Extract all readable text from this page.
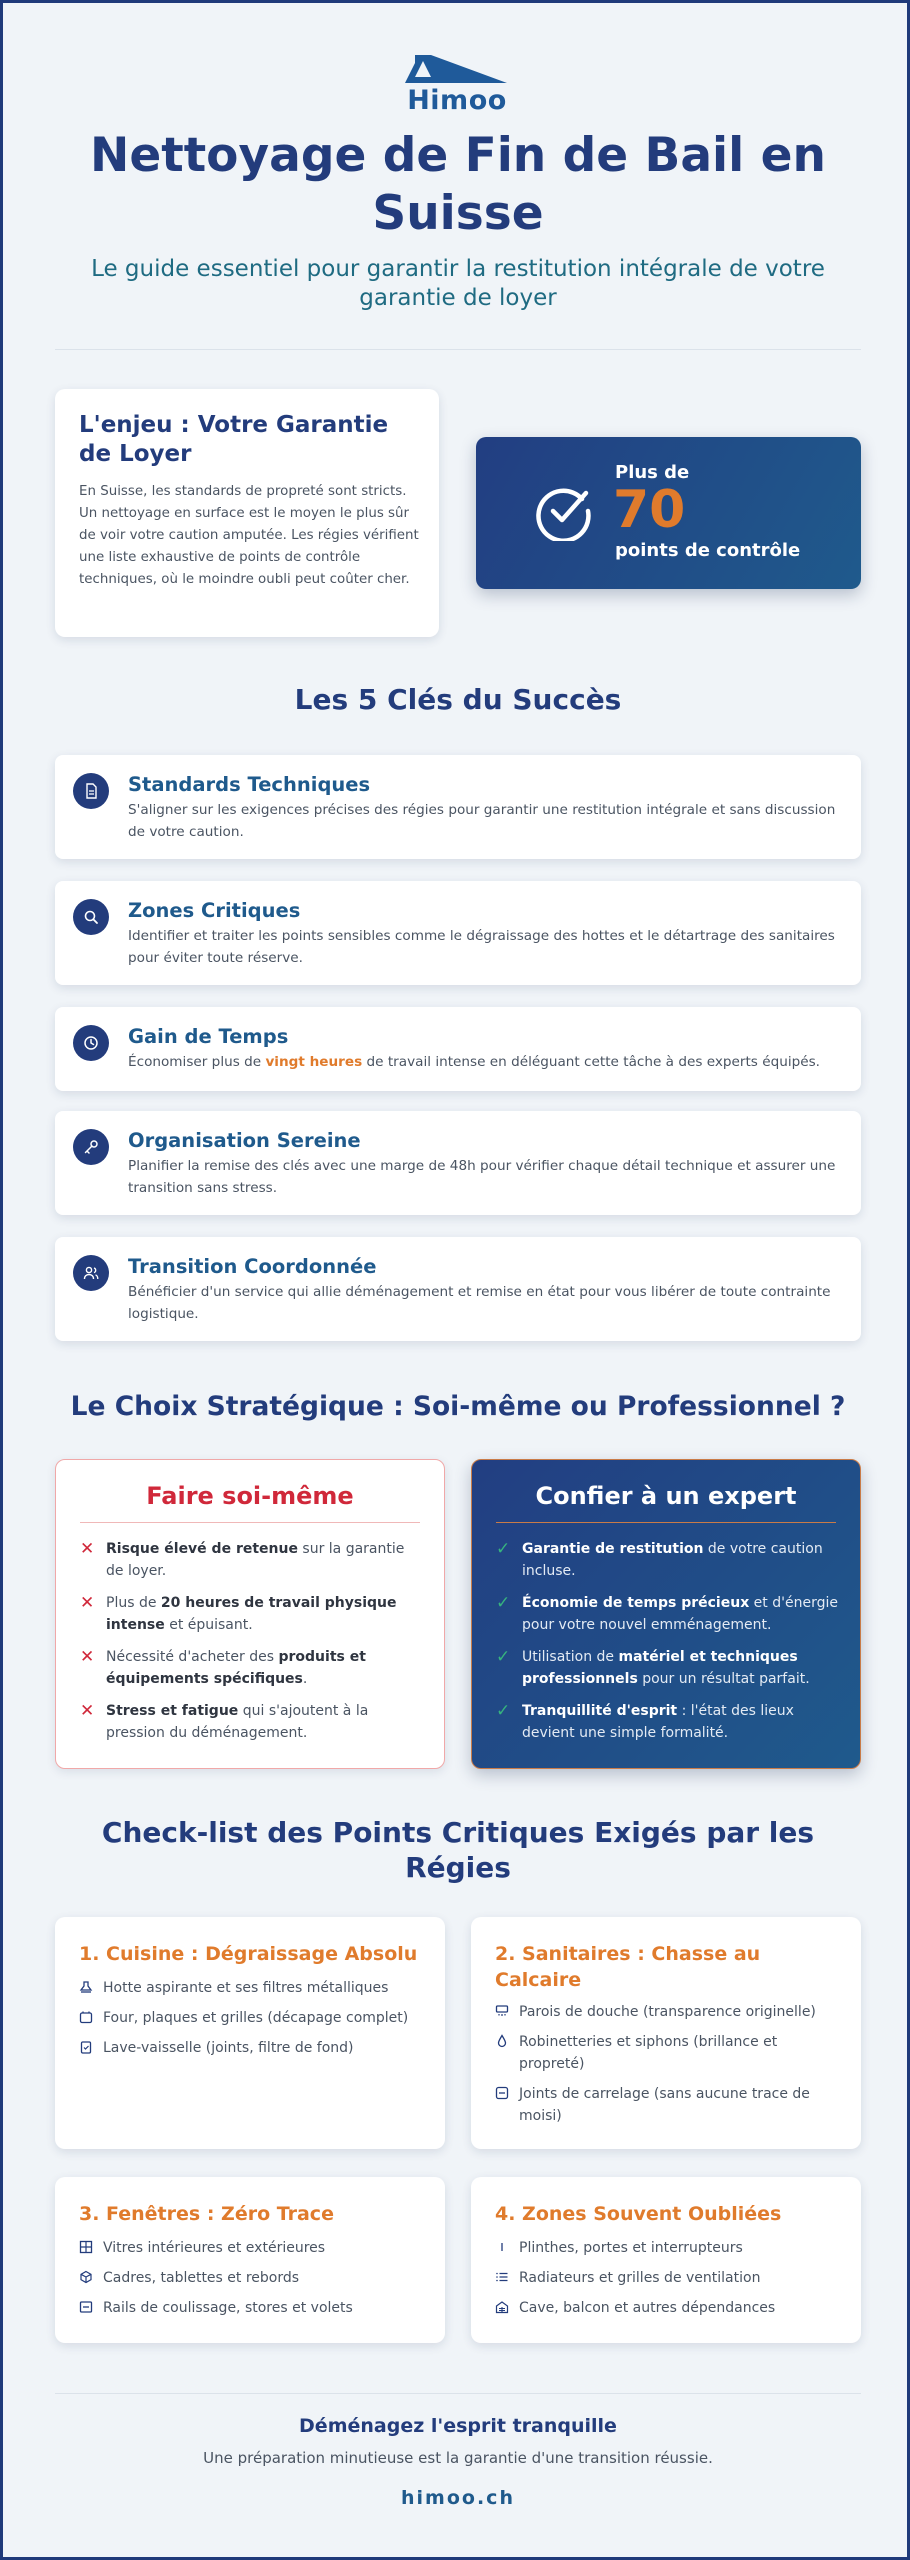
Himoo
Nettoyage de Fin de Bail en Suisse
Le guide essentiel pour garantir la restitution intégrale de votre garantie de loyer
L'enjeu : Votre Garantie de Loyer
En Suisse, les standards de propreté sont stricts. Un nettoyage en surface est le moyen le plus sûr de voir votre caution amputée. Les régies vérifient une liste exhaustive de points de contrôle techniques, où le moindre oubli peut coûter cher.
Plus de
70
points de contrôle
Les 5 Clés du Succès
Standards Techniques
S'aligner sur les exigences précises des régies pour garantir une restitution intégrale et sans discussion de votre caution.
Zones Critiques
Identifier et traiter les points sensibles comme le dégraissage des hottes et le détartrage des sanitaires pour éviter toute réserve.
Gain de Temps
Économiser plus de vingt heures de travail intense en déléguant cette tâche à des experts équipés.
Organisation Sereine
Planifier la remise des clés avec une marge de 48h pour vérifier chaque détail technique et assurer une transition sans stress.
Transition Coordonnée
Bénéficier d'un service qui allie déménagement et remise en état pour vous libérer de toute contrainte logistique.
Le Choix Stratégique : Soi-même ou Professionnel ?
Faire soi-même
✕ Risque élevé de retenue sur la garantie de loyer.
✕ Plus de 20 heures de travail physique intense et épuisant.
✕ Nécessité d'acheter des produits et équipements spécifiques.
✕ Stress et fatigue qui s'ajoutent à la pression du déménagement.
Confier à un expert
✓ Garantie de restitution de votre caution incluse.
✓ Économie de temps précieux et d'énergie pour votre nouvel emménagement.
✓ Utilisation de matériel et techniques professionnels pour un résultat parfait.
✓ Tranquillité d'esprit : l'état des lieux devient une simple formalité.
Check-list des Points Critiques Exigés par les Régies
1. Cuisine : Dégraissage Absolu
Hotte aspirante et ses filtres métalliques
Four, plaques et grilles (décapage complet)
Lave-vaisselle (joints, filtre de fond)
2. Sanitaires : Chasse au Calcaire
Parois de douche (transparence originelle)
Robinetteries et siphons (brillance et propreté)
Joints de carrelage (sans aucune trace de moisi)
3. Fenêtres : Zéro Trace
Vitres intérieures et extérieures
Cadres, tablettes et rebords
Rails de coulissage, stores et volets
4. Zones Souvent Oubliées
Plinthes, portes et interrupteurs
Radiateurs et grilles de ventilation
Cave, balcon et autres dépendances
Déménagez l'esprit tranquille
Une préparation minutieuse est la garantie d'une transition réussie.
himoo.ch
